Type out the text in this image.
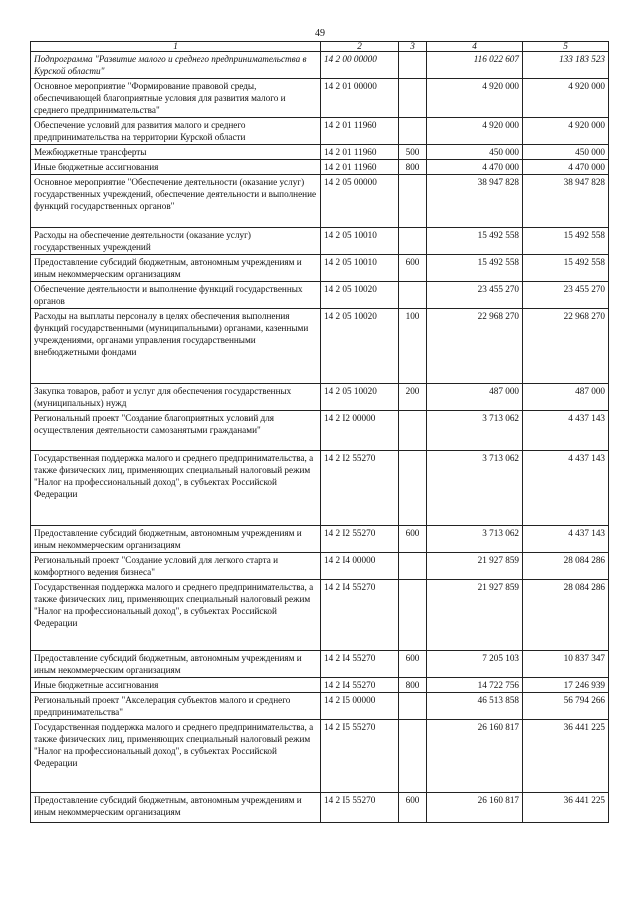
49
1	2	3	4	5
Подпрограмма "Развитие малого и среднего предпринимательства в Курской области"	14 2 00 00000		116 022 607	133 183 523
Основное мероприятие "Формирование правовой среды, обеспечивающей благоприятные условия для развития малого и среднего предпринимательства"	14 2 01 00000		4 920 000	4 920 000
Обеспечение условий для развития малого и среднего предпринимательства на территории Курской области	14 2 01 11960		4 920 000	4 920 000
Межбюджетные трансферты	14 2 01 11960	500	450 000	450 000
Иные бюджетные ассигнования	14 2 01 11960	800	4 470 000	4 470 000
Основное мероприятие "Обеспечение деятельности (оказание услуг) государственных учреждений, обеспечение деятельности и выполнение функций государственных органов"	14 2 05 00000		38 947 828	38 947 828
Расходы на обеспечение деятельности (оказание услуг) государственных учреждений	14 2 05 10010		15 492 558	15 492 558
Предоставление субсидий бюджетным, автономным учреждениям и иным некоммерческим организациям	14 2 05 10010	600	15 492 558	15 492 558
Обеспечение деятельности и выполнение функций государственных органов	14 2 05 10020		23 455 270	23 455 270
Расходы на выплаты персоналу в целях обеспечения выполнения функций государственными (муниципальными) органами, казенными учреждениями, органами управления государственными внебюджетными фондами	14 2 05 10020	100	22 968 270	22 968 270
Закупка товаров, работ и услуг для обеспечения государственных (муниципальных) нужд	14 2 05 10020	200	487 000	487 000
Региональный проект "Создание благоприятных условий для осуществления деятельности самозанятыми гражданами"	14 2 I2 00000		3 713 062	4 437 143
Государственная поддержка малого и среднего предпринимательства, а также физических лиц, применяющих специальный налоговый режим "Налог на профессиональный доход", в субъектах Российской Федерации	14 2 I2 55270		3 713 062	4 437 143
Предоставление субсидий бюджетным, автономным учреждениям и иным некоммерческим организациям	14 2 I2 55270	600	3 713 062	4 437 143
Региональный проект "Создание условий для легкого старта и комфортного ведения бизнеса"	14 2 I4 00000		21 927 859	28 084 286
Государственная поддержка малого и среднего предпринимательства, а также физических лиц, применяющих специальный налоговый режим "Налог на профессиональный доход", в субъектах Российской Федерации	14 2 I4 55270		21 927 859	28 084 286
Предоставление субсидий бюджетным, автономным учреждениям и иным некоммерческим организациям	14 2 I4 55270	600	7 205 103	10 837 347
Иные бюджетные ассигнования	14 2 I4 55270	800	14 722 756	17 246 939
Региональный проект "Акселерация субъектов малого и среднего предпринимательства"	14 2 I5 00000		46 513 858	56 794 266
Государственная поддержка малого и среднего предпринимательства, а также физических лиц, применяющих специальный налоговый режим "Налог на профессиональный доход", в субъектах Российской Федерации	14 2 I5 55270		26 160 817	36 441 225
Предоставление субсидий бюджетным, автономным учреждениям и иным некоммерческим организациям	14 2 I5 55270	600	26 160 817	36 441 225
